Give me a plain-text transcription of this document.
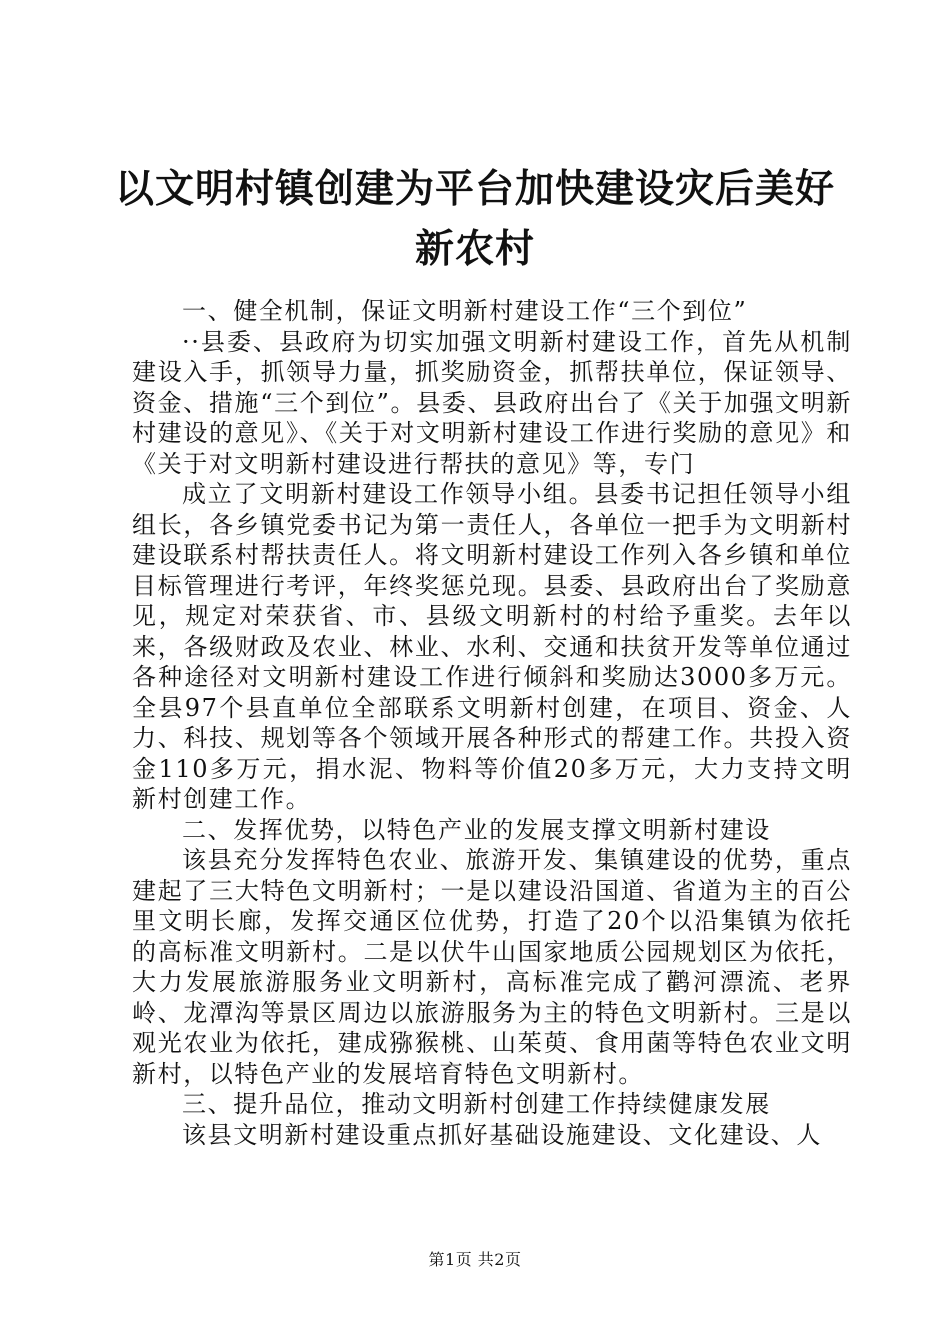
以文明村镇创建为平台加快建设灾后美好新农村

一、健全机制，保证文明新村建设工作“三个到位”

··县委、县政府为切实加强文明新村建设工作，首先从机制建设入手，抓领导力量，抓奖励资金，抓帮扶单位，保证领导、资金、措施“三个到位”。县委、县政府出台了《关于加强文明新村建设的意见》、《关于对文明新村建设工作进行奖励的意见》和《关于对文明新村建设进行帮扶的意见》等，专门

成立了文明新村建设工作领导小组。县委书记担任领导小组组长，各乡镇党委书记为第一责任人，各单位一把手为文明新村建设联系村帮扶责任人。将文明新村建设工作列入各乡镇和单位目标管理进行考评，年终奖惩兑现。县委、县政府出台了奖励意见，规定对荣获省、市、县级文明新村的村给予重奖。去年以来，各级财政及农业、林业、水利、交通和扶贫开发等单位通过各种途径对文明新村建设工作进行倾斜和奖励达3000多万元。全县97个县直单位全部联系文明新村创建，在项目、资金、人力、科技、规划等各个领域开展各种形式的帮建工作。共投入资金110多万元，捐水泥、物料等价值20多万元，大力支持文明新村创建工作。

二、发挥优势，以特色产业的发展支撑文明新村建设

该县充分发挥特色农业、旅游开发、集镇建设的优势，重点建起了三大特色文明新村；一是以建设沿国道、省道为主的百公里文明长廊，发挥交通区位优势，打造了20个以沿集镇为依托的高标准文明新村。二是以伏牛山国家地质公园规划区为依托，大力发展旅游服务业文明新村，高标准完成了鹳河漂流、老界岭、龙潭沟等景区周边以旅游服务为主的特色文明新村。三是以观光农业为依托，建成猕猴桃、山茱萸、食用菌等特色农业文明新村，以特色产业的发展培育特色文明新村。

三、提升品位，推动文明新村创建工作持续健康发展

该县文明新村建设重点抓好基础设施建设、文化建设、人

第1页 共2页
